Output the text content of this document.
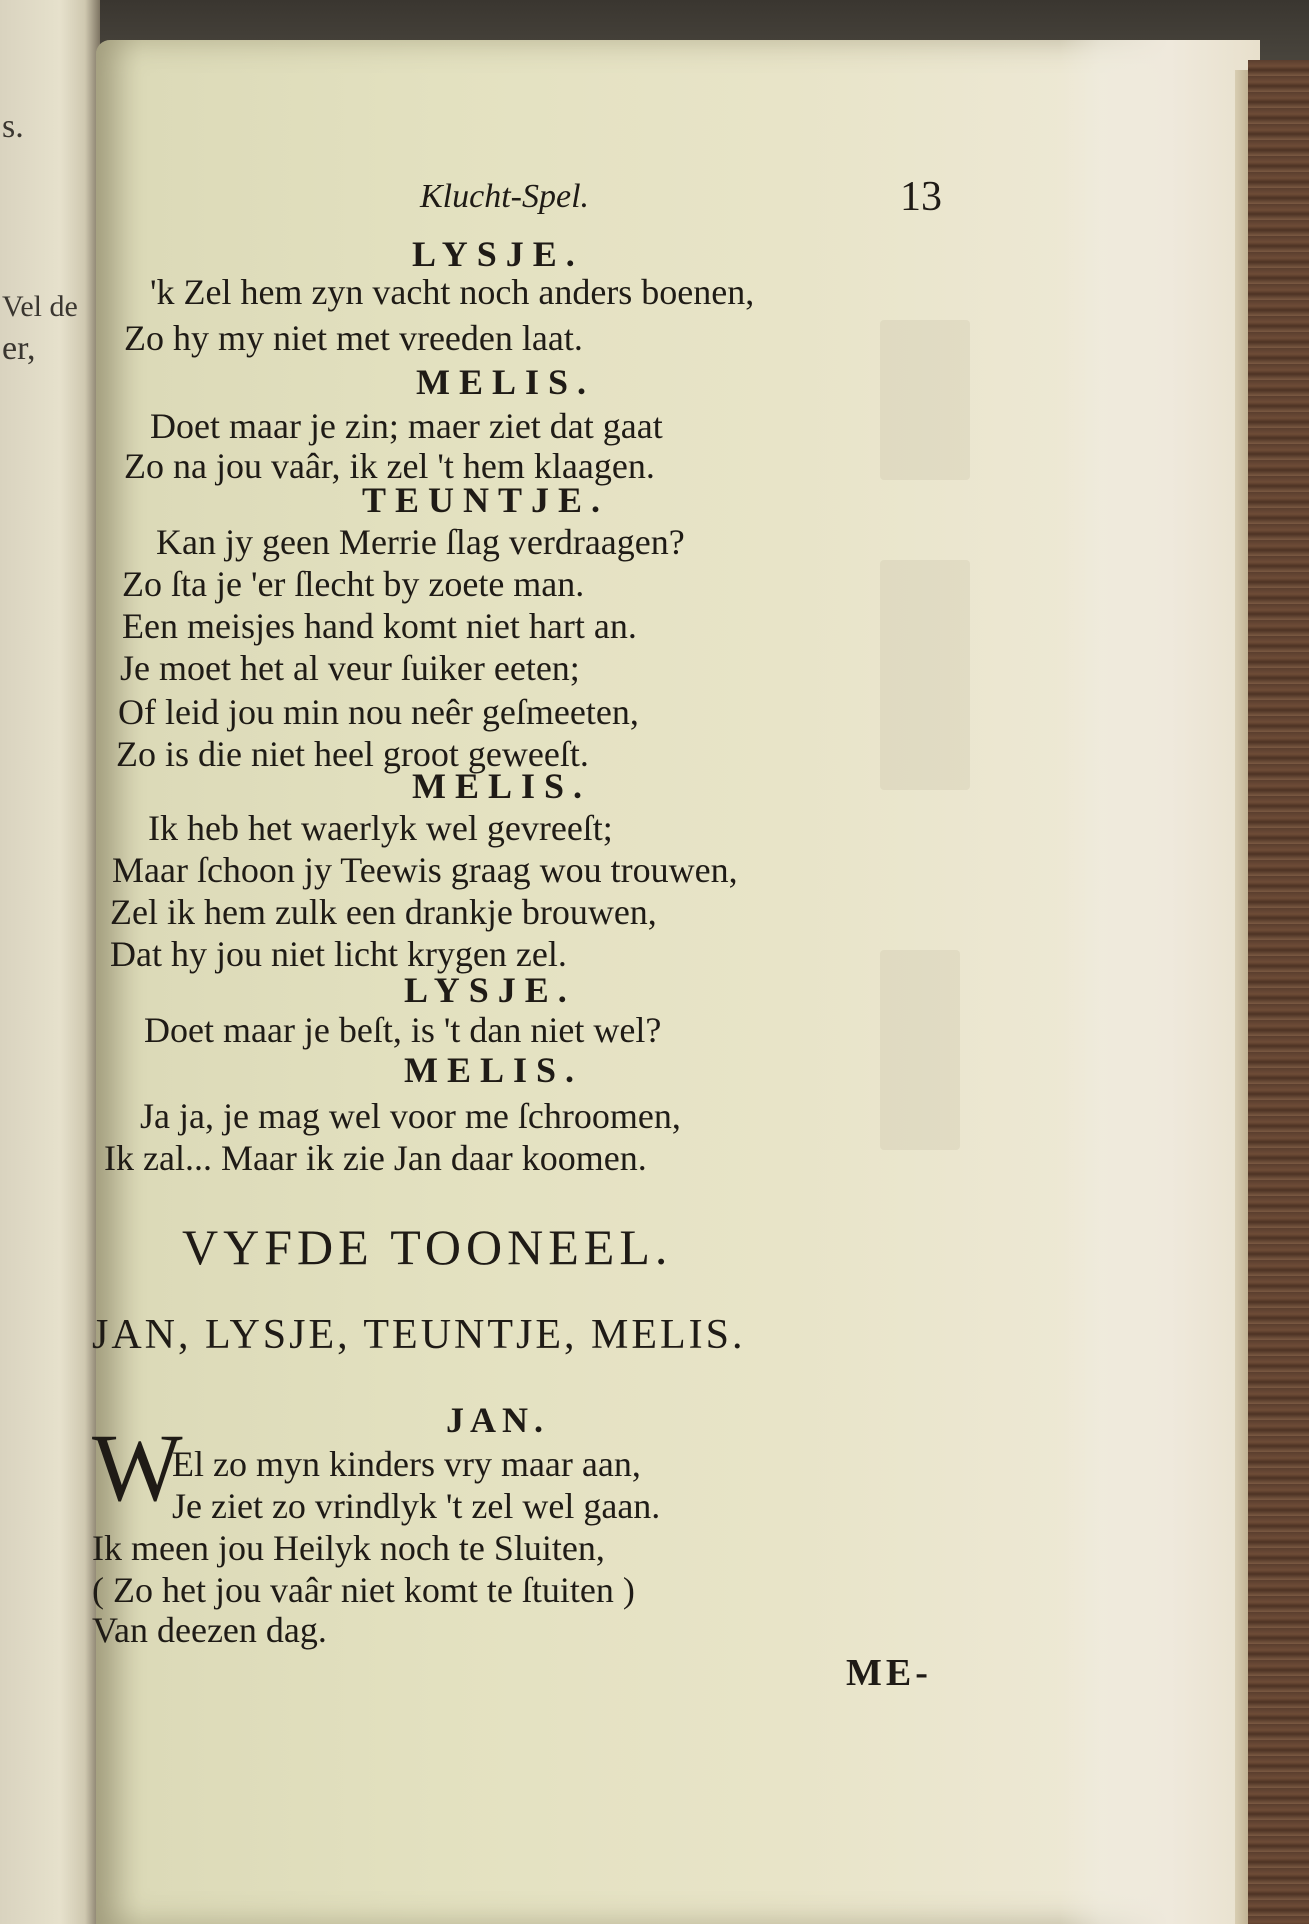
s.
Vel de
er,
Klucht-Spel.	13
LYSJE.
'k Zel hem zyn vacht noch anders boenen,
Zo hy my niet met vreeden laat.
MELIS.
Doet maar je zin; maer ziet dat gaat
Zo na jou vaâr, ik zel 't hem klaagen.
TEUNTJE.
Kan jy geen Merrie ſlag verdraagen?
Zo ſta je 'er ſlecht by zoete man.
Een meisjes hand komt niet hart an.
Je moet het al veur ſuiker eeten;
Of leid jou min nou neêr geſmeeten,
Zo is die niet heel groot geweeſt.
MELIS.
Ik heb het waerlyk wel gevreeſt;
Maar ſchoon jy Teewis graag wou trouwen,
Zel ik hem zulk een drankje brouwen,
Dat hy jou niet licht krygen zel.
LYSJE.
Doet maar je beſt, is 't dan niet wel?
MELIS.
Ja ja, je mag wel voor me ſchroomen,
Ik zal... Maar ik zie Jan daar koomen.
VYFDE TOONEEL.
JAN, LYSJE, TEUNTJE, MELIS.
JAN.
W
El zo myn kinders vry maar aan,
Je ziet zo vrindlyk 't zel wel gaan.
Ik meen jou Heilyk noch te Sluiten,
( Zo het jou vaâr niet komt te ſtuiten )
Van deezen dag.
ME-
